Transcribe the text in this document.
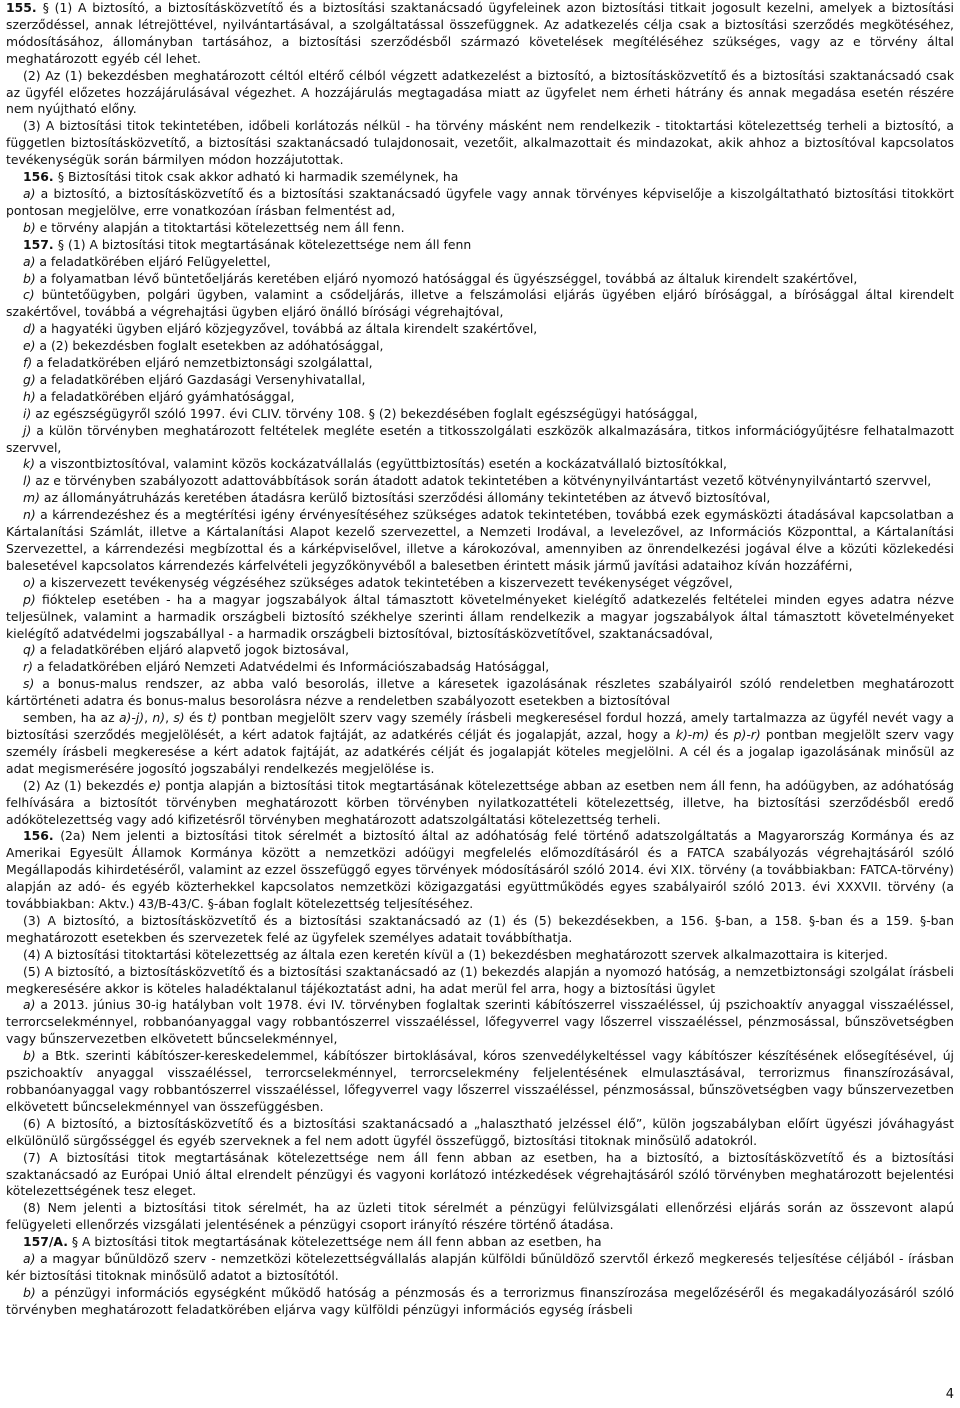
155. § (1) A biztosító, a biztosításközvetítő és a biztosítási szaktanácsadó ügyfeleinek azon biztosítási titkait jogosult kezelni, amelyek a biztosítási szerződéssel, annak létrejöttével, nyilvántartásával, a szolgáltatással összefüggnek. Az adatkezelés célja csak a biztosítási szerződés megkötéséhez, módosításához, állományban tartásához, a biztosítási szerződésből származó követelések megítéléséhez szükséges, vagy az e törvény által meghatározott egyéb cél lehet.
(2) Az (1) bekezdésben meghatározott céltól eltérő célból végzett adatkezelést a biztosító, a biztosításközvetítő és a biztosítási szaktanácsadó csak az ügyfél előzetes hozzájárulásával végezhet. A hozzájárulás megtagadása miatt az ügyfelet nem érheti hátrány és annak megadása esetén részére nem nyújtható előny.
(3) A biztosítási titok tekintetében, időbeli korlátozás nélkül - ha törvény másként nem rendelkezik - titoktartási kötelezettség terheli a biztosító, a független biztosításközvetítő, a biztosítási szaktanácsadó tulajdonosait, vezetőit, alkalmazottait és mindazokat, akik ahhoz a biztosítóval kapcsolatos tevékenységük során bármilyen módon hozzájutottak.
156. § Biztosítási titok csak akkor adható ki harmadik személynek, ha
a) a biztosító, a biztosításközvetítő és a biztosítási szaktanácsadó ügyfele vagy annak törvényes képviselője a kiszolgáltatható biztosítási titokkört pontosan megjelölve, erre vonatkozóan írásban felmentést ad,
b) e törvény alapján a titoktartási kötelezettség nem áll fenn.
157. § (1) A biztosítási titok megtartásának kötelezettsége nem áll fenn
a) a feladatkörében eljáró Felügyelettel,
b) a folyamatban lévő büntetőeljárás keretében eljáró nyomozó hatósággal és ügyészséggel, továbbá az általuk kirendelt szakértővel,
c) büntetőügyben, polgári ügyben, valamint a csődeljárás, illetve a felszámolási eljárás ügyében eljáró bírósággal, a bírósággal által kirendelt szakértővel, továbbá a végrehajtási ügyben eljáró önálló bírósági végrehajtóval,
d) a hagyatéki ügyben eljáró közjegyzővel, továbbá az általa kirendelt szakértővel,
e) a (2) bekezdésben foglalt esetekben az adóhatósággal,
f) a feladatkörében eljáró nemzetbiztonsági szolgálattal,
g) a feladatkörében eljáró Gazdasági Versenyhivatallal,
h) a feladatkörében eljáró gyámhatósággal,
i) az egészségügyről szóló 1997. évi CLIV. törvény 108. § (2) bekezdésében foglalt egészségügyi hatósággal,
j) a külön törvényben meghatározott feltételek megléte esetén a titkosszolgálati eszközök alkalmazására, titkos információgyűjtésre felhatalmazott szervvel,
k) a viszontbiztosítóval, valamint közös kockázatvállalás (együttbiztosítás) esetén a kockázatvállaló biztosítókkal,
l) az e törvényben szabályozott adattovábbítások során átadott adatok tekintetében a kötvénynyilvántartást vezető kötvénynyilvántartó szervvel,
m) az állományátruházás keretében átadásra kerülő biztosítási szerződési állomány tekintetében az átvevő biztosítóval,
n) a kárrendezéshez és a megtérítési igény érvényesítéséhez szükséges adatok tekintetében, továbbá ezek egymásközti átadásával kapcsolatban a Kártalanítási Számlát, illetve a Kártalanítási Alapot kezelő szervezettel, a Nemzeti Irodával, a levelezővel, az Információs Központtal, a Kártalanítási Szervezettel, a kárrendezési megbízottal és a kárképviselővel, illetve a károkozóval, amennyiben az önrendelkezési jogával élve a közúti közlekedési balesetével kapcsolatos kárrendezés kárfelvételi jegyzőkönyvéből a balesetben érintett másik jármű javítási adataihoz kíván hozzáférni,
o) a kiszervezett tevékenység végzéséhez szükséges adatok tekintetében a kiszervezett tevékenységet végzővel,
p) fióktelep esetében - ha a magyar jogszabályok által támasztott követelményeket kielégítő adatkezelés feltételei minden egyes adatra nézve teljesülnek, valamint a harmadik országbeli biztosító székhelye szerinti állam rendelkezik a magyar jogszabályok által támasztott követelményeket kielégítő adatvédelmi jogszabállyal - a harmadik országbeli biztosítóval, biztosításközvetítővel, szaktanácsadóval,
q) a feladatkörében eljáró alapvető jogok biztosával,
r) a feladatkörében eljáró Nemzeti Adatvédelmi és Információszabadság Hatósággal,
s) a bonus-malus rendszer, az abba való besorolás, illetve a káresetek igazolásának részletes szabályairól szóló rendeletben meghatározott kártörténeti adatra és bonus-malus besorolásra nézve a rendeletben szabályozott esetekben a biztosítóval
semben, ha az a)-j), n), s) és t) pontban megjelölt szerv vagy személy írásbeli megkeresésel fordul hozzá, amely tartalmazza az ügyfél nevét vagy a biztosítási szerződés megjelölését, a kért adatok fajtáját, az adatkérés célját és jogalapját, azzal, hogy a k)-m) és p)-r) pontban megjelölt szerv vagy személy írásbeli megkeresése a kért adatok fajtáját, az adatkérés célját és jogalapját köteles megjelölni. A cél és a jogalap igazolásának minősül az adat megismerésére jogosító jogszabályi rendelkezés megjelölése is.
(2) Az (1) bekezdés e) pontja alapján a biztosítási titok megtartásának kötelezettsége abban az esetben nem áll fenn, ha adóügyben, az adóhatóság felhívására a biztosítót törvényben meghatározott körben törvényben nyilatkozattételi kötelezettség, illetve, ha biztosítási szerződésből eredő adókötelezettség vagy adó kifizetésről törvényben meghatározott adatszolgáltatási kötelezettség terheli.
156. (2a) Nem jelenti a biztosítási titok sérelmét a biztosító által az adóhatóság felé történő adatszolgáltatás a Magyarország Kormánya és az Amerikai Egyesült Államok Kormánya között a nemzetközi adóügyi megfelelés előmozdításáról és a FATCA szabályozás végrehajtásáról szóló Megállapodás kihirdetéséről, valamint az ezzel összefüggő egyes törvények módosításáról szóló 2014. évi XIX. törvény (a továbbiakban: FATCA-törvény) alapján az adó- és egyéb közterhekkel kapcsolatos nemzetközi közigazgatási együttműködés egyes szabályairól szóló 2013. évi XXXVII. törvény (a továbbiakban: Aktv.) 43/B-43/C. §-ában foglalt kötelezettség teljesítéséhez.
(3) A biztosító, a biztosításközvetítő és a biztosítási szaktanácsadó az (1) és (5) bekezdésekben, a 156. §-ban, a 158. §-ban és a 159. §-ban meghatározott esetekben és szervezetek felé az ügyfelek személyes adatait továbbíthatja.
(4) A biztosítási titoktartási kötelezettség az általa ezen keretén kívül a (1) bekezdésben meghatározott szervek alkalmazottaira is kiterjed.
(5) A biztosító, a biztosításközvetítő és a biztosítási szaktanácsadó az (1) bekezdés alapján a nyomozó hatóság, a nemzetbiztonsági szolgálat írásbeli megkeresésére akkor is köteles haladéktalanul tájékoztatást adni, ha adat merül fel arra, hogy a biztosítási ügylet
a) a 2013. június 30-ig hatályban volt 1978. évi IV. törvényben foglaltak szerinti kábítószerrel visszaéléssel, új pszichoaktív anyaggal visszaéléssel, terrorcselekménnyel, robbanóanyaggal vagy robbantószerrel visszaéléssel, lőfegyverrel vagy lőszerrel visszaéléssel, pénzmosással, bűnszövetségben vagy bűnszervezetben elkövetett bűncselekménnyel,
b) a Btk. szerinti kábítószer-kereskedelemmel, kábítószer birtoklásával, kóros szenvedélykeltéssel vagy kábítószer készítésének elősegítésével, új pszichoaktív anyaggal visszaéléssel, terrorcselekménnyel, terrorcselekmény feljelentésének elmulasztásával, terrorizmus finanszírozásával, robbanóanyaggal vagy robbantószerrel visszaéléssel, lőfegyverrel vagy lőszerrel visszaéléssel, pénzmosással, bűnszövetségben vagy bűnszervezetben elkövetett bűncselekménnyel van összefüggésben.
(6) A biztosító, a biztosításközvetítő és a biztosítási szaktanácsadó a „halasztható jelzéssel élő”, külön jogszabályban előírt ügyészi jóváhagyást elkülönülő sürgősséggel és egyéb szerveknek a fel nem adott ügyfél összefüggő, biztosítási titoknak minősülő adatokról.
(7) A biztosítási titok megtartásának kötelezettsége nem áll fenn abban az esetben, ha a biztosító, a biztosításközvetítő és a biztosítási szaktanácsadó az Európai Unió által elrendelt pénzügyi és vagyoni korlátozó intézkedések végrehajtásáról szóló törvényben meghatározott bejelentési kötelezettségének tesz eleget.
(8) Nem jelenti a biztosítási titok sérelmét, ha az üzleti titok sérelmét a pénzügyi felülvizsgálati ellenőrzési eljárás során az összevont alapú felügyeleti ellenőrzés vizsgálati jelentésének a pénzügyi csoport irányító részére történő átadása.
157/A. § A biztosítási titok megtartásának kötelezettsége nem áll fenn abban az esetben, ha
a) a magyar bűnüldöző szerv - nemzetközi kötelezettségvállalás alapján külföldi bűnüldöző szervtől érkező megkeresés teljesítése céljából - írásban kér biztosítási titoknak minősülő adatot a biztosítótól.
b) a pénzügyi információs egységként működő hatóság a pénzmosás és a terrorizmus finanszírozása megelőzéséről és megakadályozásáról szóló törvényben meghatározott feladatkörében eljárva vagy külföldi pénzügyi információs egység írásbeli
4
